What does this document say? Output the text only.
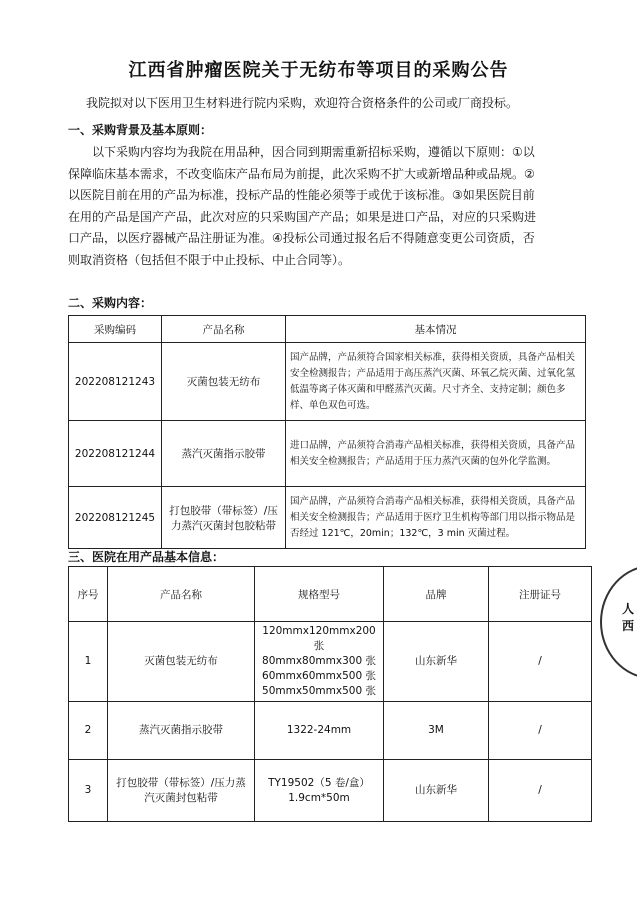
江西省肿瘤医院关于无纺布等项目的采购公告
我院拟对以下医用卫生材料进行院内采购，欢迎符合资格条件的公司或厂商投标。
一、采购背景及基本原则：
以下采购内容均为我院在用品种，因合同到期需重新招标采购，遵循以下原则：①以
保障临床基本需求，不改变临床产品布局为前提，此次采购不扩大或新增品种或品规。②
以医院目前在用的产品为标准，投标产品的性能必须等于或优于该标准。③如果医院目前
在用的产品是国产产品，此次对应的只采购国产产品；如果是进口产品，对应的只采购进
口产品，以医疗器械产品注册证为准。④投标公司通过报名后不得随意变更公司资质，否
则取消资格（包括但不限于中止投标、中止合同等）。
二、采购内容：
采购编码	产品名称	基本情况
202208121243	灭菌包装无纺布	国产品牌，产品须符合国家相关标准，获得相关资质，具备产品相关安全检测报告；产品适用于高压蒸汽灭菌、环氧乙烷灭菌、过氧化氢低温等离子体灭菌和甲醛蒸汽灭菌。尺寸齐全、支持定制；颜色多样、单色双色可选。
202208121244	蒸汽灭菌指示胶带	进口品牌，产品须符合消毒产品相关标准，获得相关资质，具备产品相关安全检测报告；产品适用于压力蒸汽灭菌的包外化学监测。
202208121245	打包胶带（带标签）/压力蒸汽灭菌封包胶粘带	国产品牌，产品须符合消毒产品相关标准，获得相关资质，具备产品相关安全检测报告；产品适用于医疗卫生机构等部门用以指示物品是否经过 121℃，20min；132℃，3 min 灭菌过程。
三、医院在用产品基本信息：
序号	产品名称	规格型号	品牌	注册证号
1	灭菌包装无纺布	120mmx120mmx200 张
80mmx80mmx300 张
60mmx60mmx500 张
50mmx50mmx500 张	山东新华	/
2	蒸汽灭菌指示胶带	1322-24mm	3M	/
3	打包胶带（带标签）/压力蒸汽灭菌封包粘带	TY19502（5 卷/盒）
1.9cm*50m	山东新华	/
人西
